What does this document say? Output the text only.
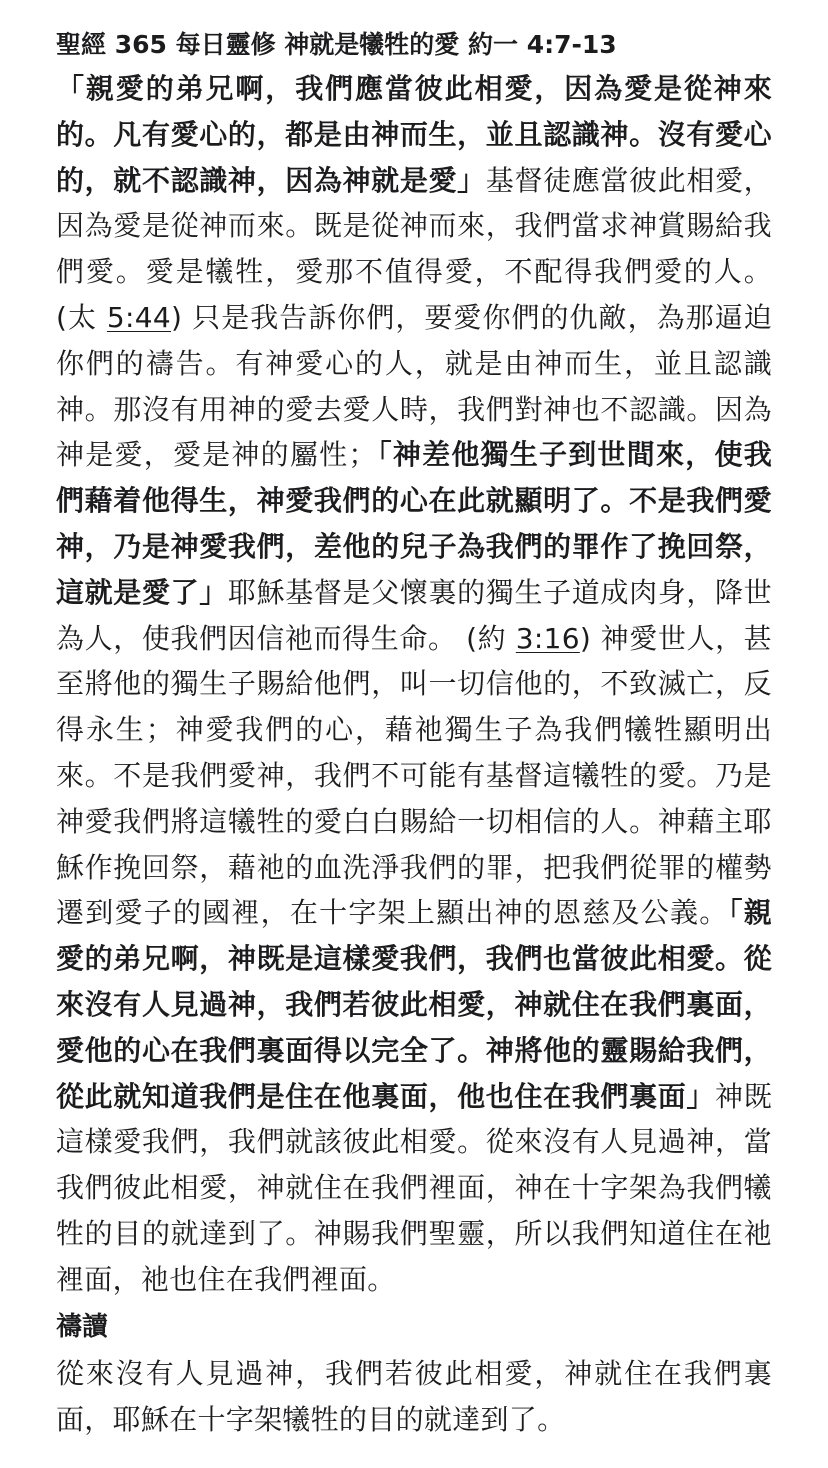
聖經 365 每日靈修 神就是犧牲的愛 約一 4:7-13

「親愛的弟兄啊，我們應當彼此相愛，因為愛是從神來的。凡有愛心的，都是由神而生，並且認識神。沒有愛心的，就不認識神，因為神就是愛」基督徒應當彼此相愛，因為愛是從神而來。既是從神而來，我們當求神賞賜給我們愛。愛是犧牲，愛那不值得愛，不配得我們愛的人。(太 5:44) 只是我告訴你們，要愛你們的仇敵，為那逼迫你們的禱告。有神愛心的人，就是由神而生，並且認識神。那沒有用神的愛去愛人時，我們對神也不認識。因為神是愛，愛是神的屬性；「神差他獨生子到世間來，使我們藉着他得生，神愛我們的心在此就顯明了。不是我們愛神，乃是神愛我們，差他的兒子為我們的罪作了挽回祭，這就是愛了」耶穌基督是父懷裏的獨生子道成肉身，降世為人，使我們因信祂而得生命。 (約 3:16) 神愛世人，甚至將他的獨生子賜給他們，叫一切信他的，不致滅亡，反得永生；神愛我們的心，藉祂獨生子為我們犧牲顯明出來。不是我們愛神，我們不可能有基督這犧牲的愛。乃是神愛我們將這犧牲的愛白白賜給一切相信的人。神藉主耶穌作挽回祭，藉祂的血洗淨我們的罪，把我們從罪的權勢遷到愛子的國裡，在十字架上顯出神的恩慈及公義。「親愛的弟兄啊，神既是這樣愛我們，我們也當彼此相愛。從來沒有人見過神，我們若彼此相愛，神就住在我們裏面，愛他的心在我們裏面得以完全了。神將他的靈賜給我們，從此就知道我們是住在他裏面，他也住在我們裏面」神既這樣愛我們，我們就該彼此相愛。從來沒有人見過神，當我們彼此相愛，神就住在我們裡面，神在十字架為我們犧牲的目的就達到了。神賜我們聖靈，所以我們知道住在祂裡面，祂也住在我們裡面。

禱讀

從來沒有人見過神，我們若彼此相愛，神就住在我們裏面，耶穌在十字架犧牲的目的就達到了。
